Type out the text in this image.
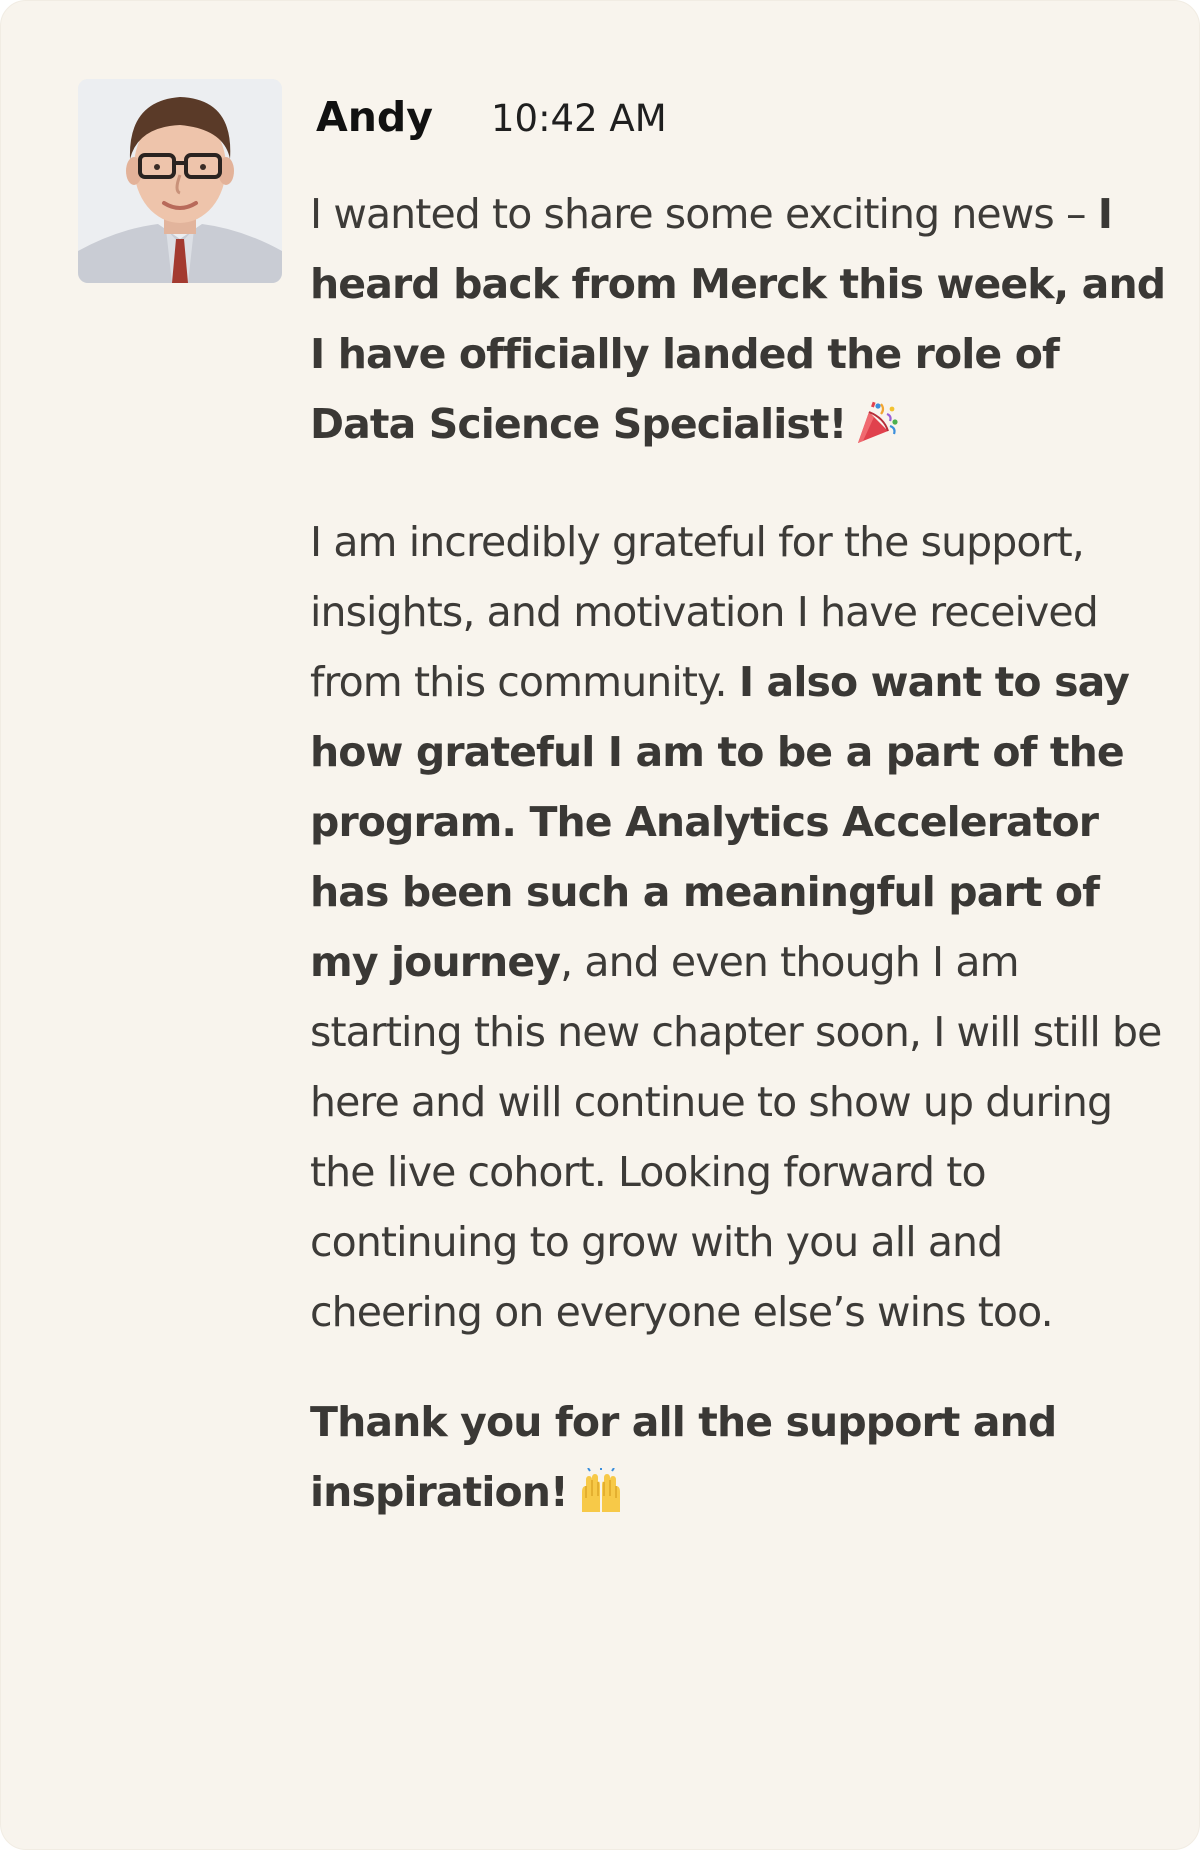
Andy 10:42 AM

I wanted to share some exciting news – I heard back from Merck this week, and I have officially landed the role of Data Science Specialist!

I am incredibly grateful for the support, insights, and motivation I have received from this community. I also want to say how grateful I am to be a part of the program. The Analytics Accelerator has been such a meaningful part of my journey, and even though I am starting this new chapter soon, I will still be here and will continue to show up during the live cohort. Looking forward to continuing to grow with you all and cheering on everyone else’s wins too.

Thank you for all the support and inspiration!
